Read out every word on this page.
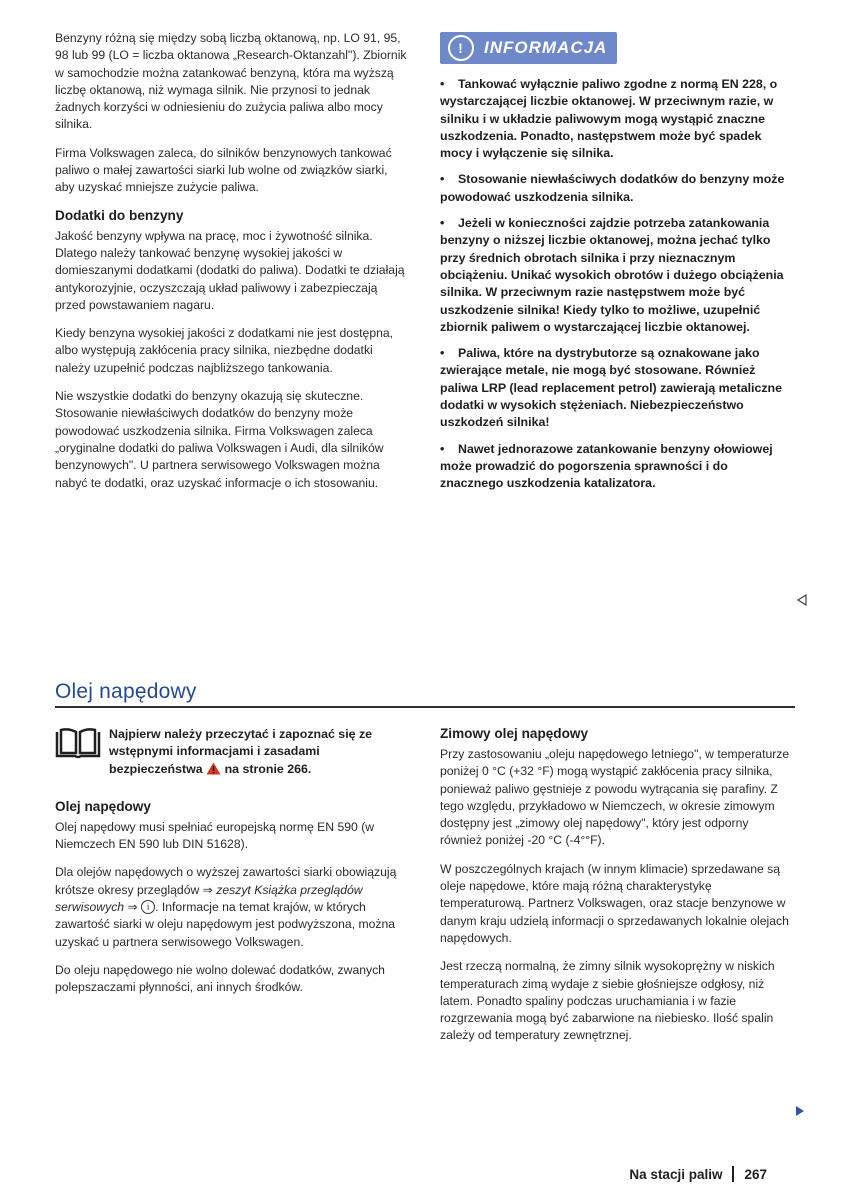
Benzyny różną się między sobą liczbą oktanową, np. LO 91, 95, 98 lub 99 (LO = liczba oktanowa „Research-Oktanzahl"). Zbiornik w samochodzie można zatankować benzyną, która ma wyższą liczbę oktanową, niż wymaga silnik. Nie przynosi to jednak żadnych korzyści w odniesieniu do zużycia paliwa albo mocy silnika.

Firma Volkswagen zaleca, do silników benzynowych tankować paliwo o małej zawartości siarki lub wolne od związków siarki, aby uzyskać mniejsze zużycie paliwa.

Dodatki do benzyny

Jakość benzyny wpływa na pracę, moc i żywotność silnika. Dlatego należy tankować benzynę wysokiej jakości w domieszanymi dodatkami (dodatki do paliwa). Dodatki te działają antykorozyjnie, oczyszczają układ paliwowy i zabezpieczają przed powstawaniem nagaru.

Kiedy benzyna wysokiej jakości z dodatkami nie jest dostępna, albo występują zakłócenia pracy silnika, niezbędne dodatki należy uzupełnić podczas najbliższego tankowania.

Nie wszystkie dodatki do benzyny okazują się skuteczne. Stosowanie niewłaściwych dodatków do benzyny może powodować uszkodzenia silnika. Firma Volkswagen zaleca „oryginalne dodatki do paliwa Volkswagen i Audi, dla silników benzynowych". U partnera serwisowego Volkswagen można nabyć te dodatki, oraz uzyskać informacje o ich stosowaniu.

!	INFORMACJA
• Tankować wyłącznie paliwo zgodne z normą EN 228, o wystarczającej liczbie oktanowej. W przeciwnym razie, w silniku i w układzie paliwowym mogą wystąpić znaczne uszkodzenia. Ponadto, następstwem może być spadek mocy i wyłączenie się silnika.
• Stosowanie niewłaściwych dodatków do benzyny może powodować uszkodzenia silnika.
• Jeżeli w konieczności zajdzie potrzeba zatankowania benzyny o niższej liczbie oktanowej, można jechać tylko przy średnich obrotach silnika i przy nieznacznym obciążeniu. Unikać wysokich obrotów i dużego obciążenia silnika. W przeciwnym razie następstwem może być uszkodzenie silnika! Kiedy tylko to możliwe, uzupełnić zbiornik paliwem o wystarczającej liczbie oktanowej.
• Paliwa, które na dystrybutorze są oznakowane jako zwierające metale, nie mogą być stosowane. Również paliwa LRP (lead replacement petrol) zawierają metaliczne dodatki w wysokich stężeniach. Niebezpieczeństwo uszkodzeń silnika!
• Nawet jednorazowe zatankowanie benzyny ołowiowej może prowadzić do pogorszenia sprawności i do znacznego uszkodzenia katalizatora.
Olej napędowy
Najpierw należy przeczytać i zapoznać się ze wstępnymi informacjami i zasadami bezpieczeństwa na stronie 266.
Olej napędowy

Olej napędowy musi spełniać europejską normę EN 590 (w Niemczech EN 590 lub DIN 51628).

Dla olejów napędowych o wyższej zawartości siarki obowiązują krótsze okresy przeglądów ⇒ zeszyt Książka przeglądów serwisowych ⇒ i . Informacje na temat krajów, w których zawartość siarki w oleju napędowym jest podwyższona, można uzyskać u partnera serwisowego Volkswagen.

Do oleju napędowego nie wolno dolewać dodatków, zwanych polepszaczami płynności, ani innych środków.

Zimowy olej napędowy

Przy zastosowaniu „oleju napędowego letniego", w temperaturze poniżej 0 °C (+32 °F) mogą wystąpić zakłócenia pracy silnika, ponieważ paliwo gęstnieje z powodu wytrącania się parafiny. Z tego względu, przykładowo w Niemczech, w okresie zimowym dostępny jest „zimowy olej napędowy", który jest odporny również poniżej -20 °C (-4°°F).

W poszczególnych krajach (w innym klimacie) sprzedawane są oleje napędowe, które mają różną charakterystykę temperaturową. Partnerz Volkswagen, oraz stacje benzynowe w danym kraju udzielą informacji o sprzedawanych lokalnie olejach napędowych.

Jest rzeczą normalną, że zimny silnik wysokoprężny w niskich temperaturach zimą wydaje z siebie głośniejsze odgłosy, niż latem. Ponadto spaliny podczas uruchamiania i w fazie rozgrzewania mogą być zabarwione na niebiesko. Ilość spalin zależy od temperatury zewnętrznej.

Na stacji paliw 267
